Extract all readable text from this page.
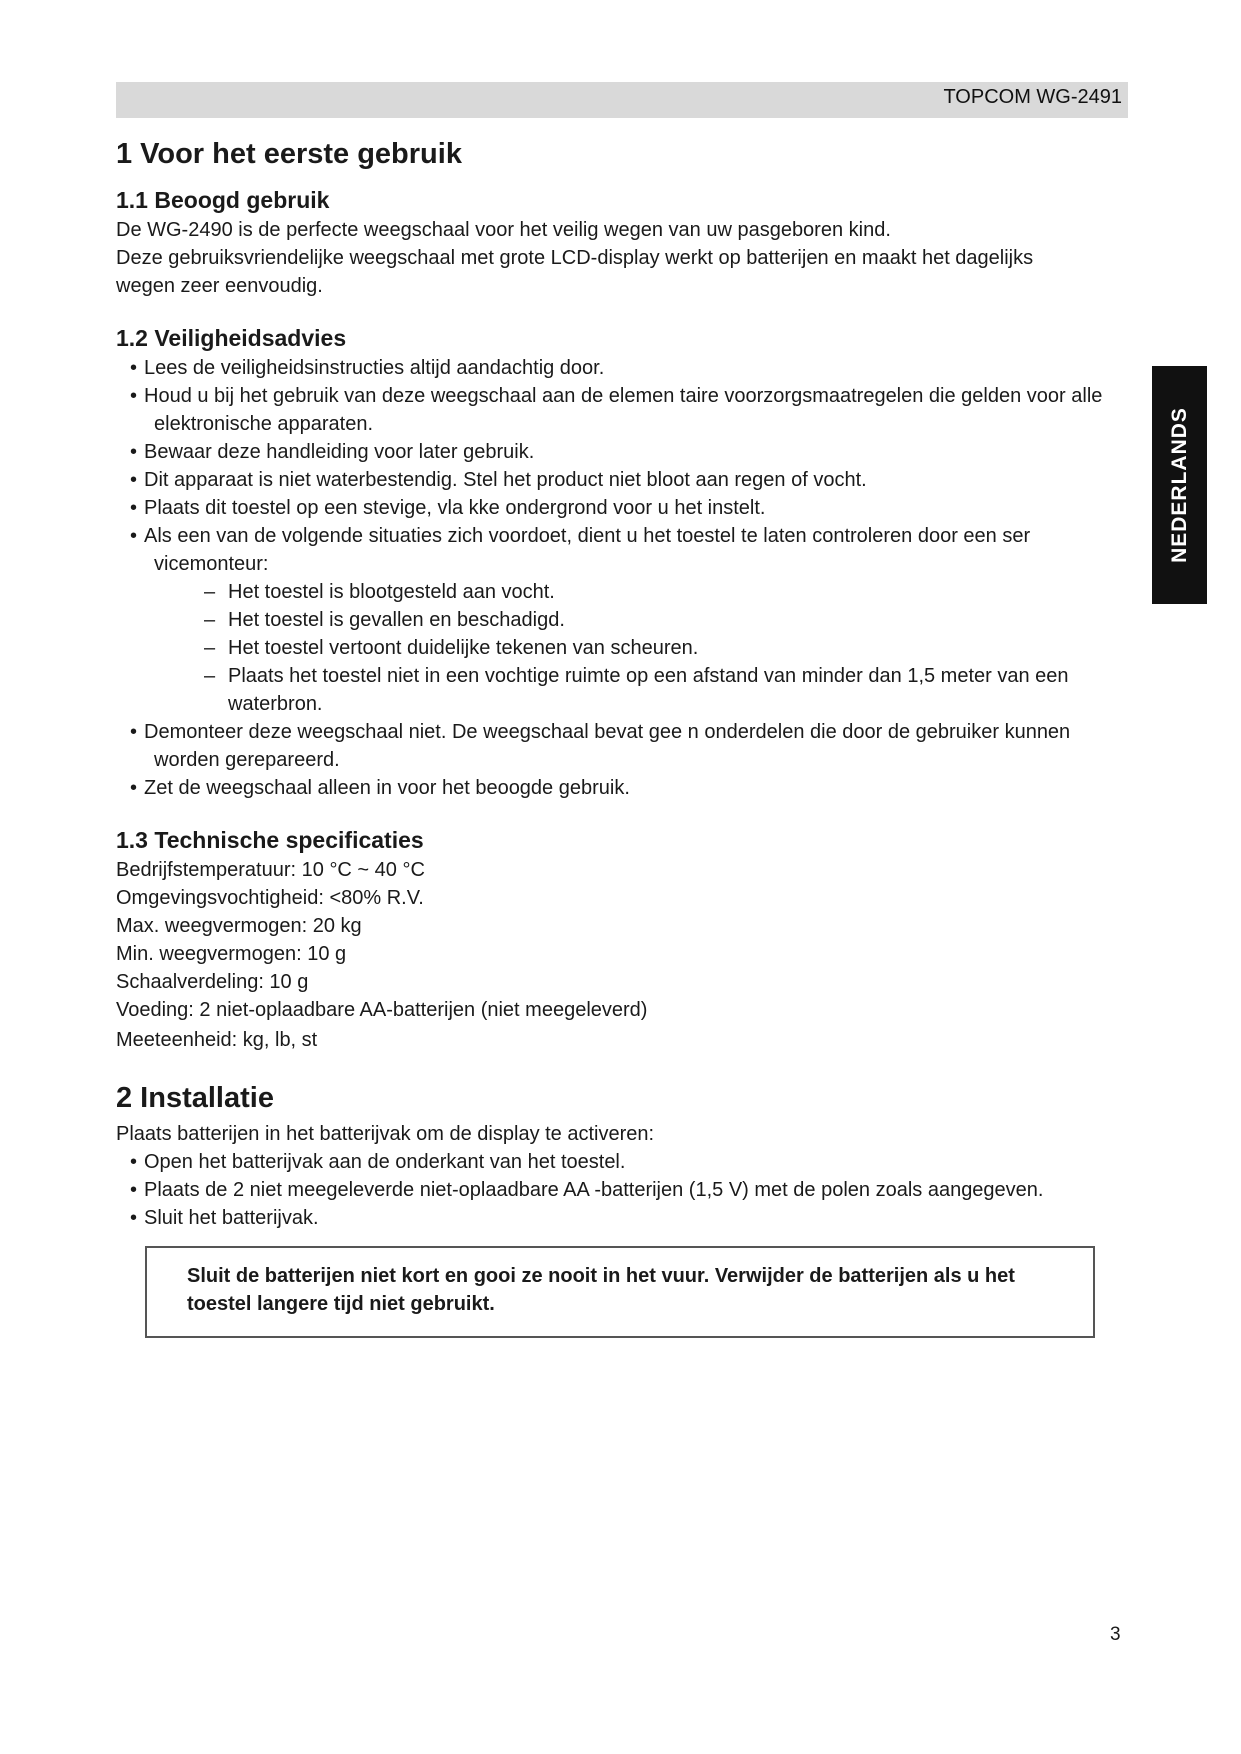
TOPCOM WG-2491
NEDERLANDS
1 Voor het eerste gebruik
1.1 Beoogd gebruik

De WG-2490 is de perfecte weegschaal voor het veilig wegen van uw pasgeboren kind.

Deze gebruiksvriendelijke weegschaal met grote LCD-display werkt op batterijen en maakt het dagelijks

wegen zeer eenvoudig.

1.2 Veiligheidsadvies
• Lees de veiligheidsinstructies altijd aandachtig door.
• Houd u bij het gebruik van deze weegschaal aan de elemen taire voorzorgsmaatregelen die gelden voor alle elektronische apparaten.
• Bewaar deze handleiding voor later gebruik.
• Dit apparaat is niet waterbestendig. Stel het product niet bloot aan regen of vocht.
• Plaats dit toestel op een stevige, vla kke ondergrond voor u het instelt.
• Als een van de volgende situaties zich voordoet, dient u het toestel te laten controleren door een ser vicemonteur:
– Het toestel is blootgesteld aan vocht.
– Het toestel is gevallen en beschadigd.
– Het toestel vertoont duidelijke tekenen van scheuren.
– Plaats het toestel niet in een vochtige ruimte op een afstand van minder dan 1,5 meter van een waterbron.
• Demonteer deze weegschaal niet. De weegschaal bevat gee n onderdelen die door de gebruiker kunnen worden gerepareerd.
• Zet de weegschaal alleen in voor het beoogde gebruik.
1.3 Technische specificaties

Bedrijfstemperatuur: 10 °C ~ 40 °C

Omgevingsvochtigheid: <80% R.V.

Max. weegvermogen: 20 kg

Min. weegvermogen: 10 g

Schaalverdeling: 10 g

Voeding: 2 niet-oplaadbare AA-batterijen (niet meegeleverd)

Meeteenheid: kg, lb, st

2 Installatie

Plaats batterijen in het batterijvak om de display te activeren:

• Open het batterijvak aan de onderkant van het toestel.
• Plaats de 2 niet meegeleverde niet-oplaadbare AA -batterijen (1,5 V) met de polen zoals aangegeven.
• Sluit het batterijvak.

Sluit de batterijen niet kort en gooi ze nooit in het vuur. Verwijder de batterijen als u het toestel langere tijd niet gebruikt.

3
